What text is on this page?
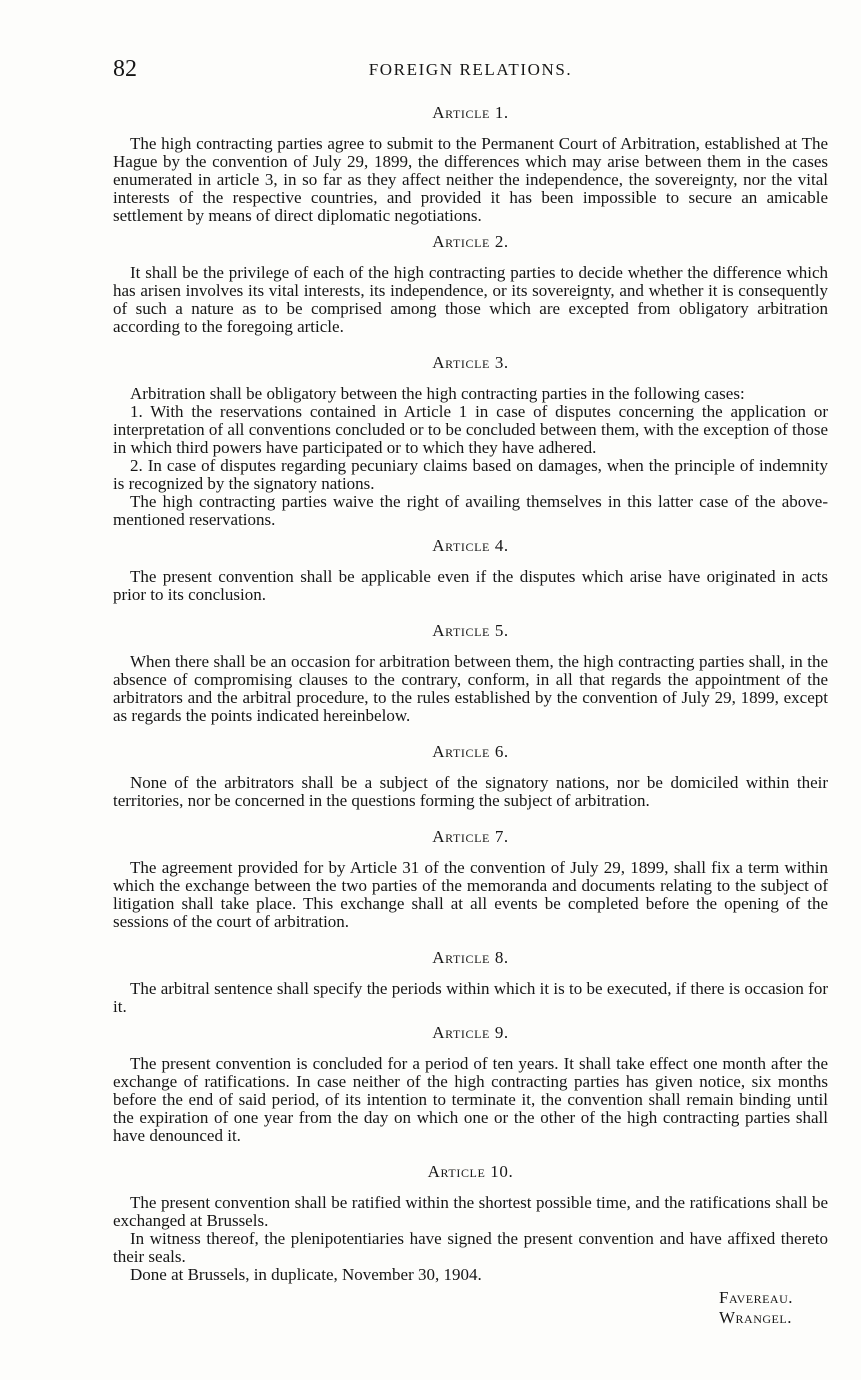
82	FOREIGN RELATIONS.
Article 1.

The high contracting parties agree to submit to the Permanent Court of Arbitration, established at The Hague by the convention of July 29, 1899, the differences which may arise between them in the cases enumerated in article 3, in so far as they affect neither the independence, the sovereignty, nor the vital interests of the respective countries, and provided it has been impossible to secure an amicable settlement by means of direct diplomatic negotiations.

Article 2.

It shall be the privilege of each of the high contracting parties to decide whether the difference which has arisen involves its vital interests, its independence, or its sovereignty, and whether it is consequently of such a nature as to be comprised among those which are excepted from obligatory arbitration according to the foregoing article.

Article 3.

Arbitration shall be obligatory between the high contracting parties in the following cases:

1. With the reservations contained in Article 1 in case of disputes concerning the application or interpretation of all conventions concluded or to be concluded between them, with the exception of those in which third powers have participated or to which they have adhered.

2. In case of disputes regarding pecuniary claims based on damages, when the principle of indemnity is recognized by the signatory nations.

The high contracting parties waive the right of availing themselves in this latter case of the above-mentioned reservations.

Article 4.

The present convention shall be applicable even if the disputes which arise have originated in acts prior to its conclusion.

Article 5.

When there shall be an occasion for arbitration between them, the high contracting parties shall, in the absence of compromising clauses to the contrary, conform, in all that regards the appointment of the arbitrators and the arbitral procedure, to the rules established by the convention of July 29, 1899, except as regards the points indicated hereinbelow.

Article 6.

None of the arbitrators shall be a subject of the signatory nations, nor be domiciled within their territories, nor be concerned in the questions forming the subject of arbitration.

Article 7.

The agreement provided for by Article 31 of the convention of July 29, 1899, shall fix a term within which the exchange between the two parties of the memoranda and documents relating to the subject of litigation shall take place. This exchange shall at all events be completed before the opening of the sessions of the court of arbitration.

Article 8.

The arbitral sentence shall specify the periods within which it is to be executed, if there is occasion for it.

Article 9.

The present convention is concluded for a period of ten years. It shall take effect one month after the exchange of ratifications. In case neither of the high contracting parties has given notice, six months before the end of said period, of its intention to terminate it, the convention shall remain binding until the expiration of one year from the day on which one or the other of the high contracting parties shall have denounced it.

Article 10.

The present convention shall be ratified within the shortest possible time, and the ratifications shall be exchanged at Brussels.

In witness thereof, the plenipotentiaries have signed the present convention and have affixed thereto their seals.

Done at Brussels, in duplicate, November 30, 1904.

Favereau.
Wrangel.
